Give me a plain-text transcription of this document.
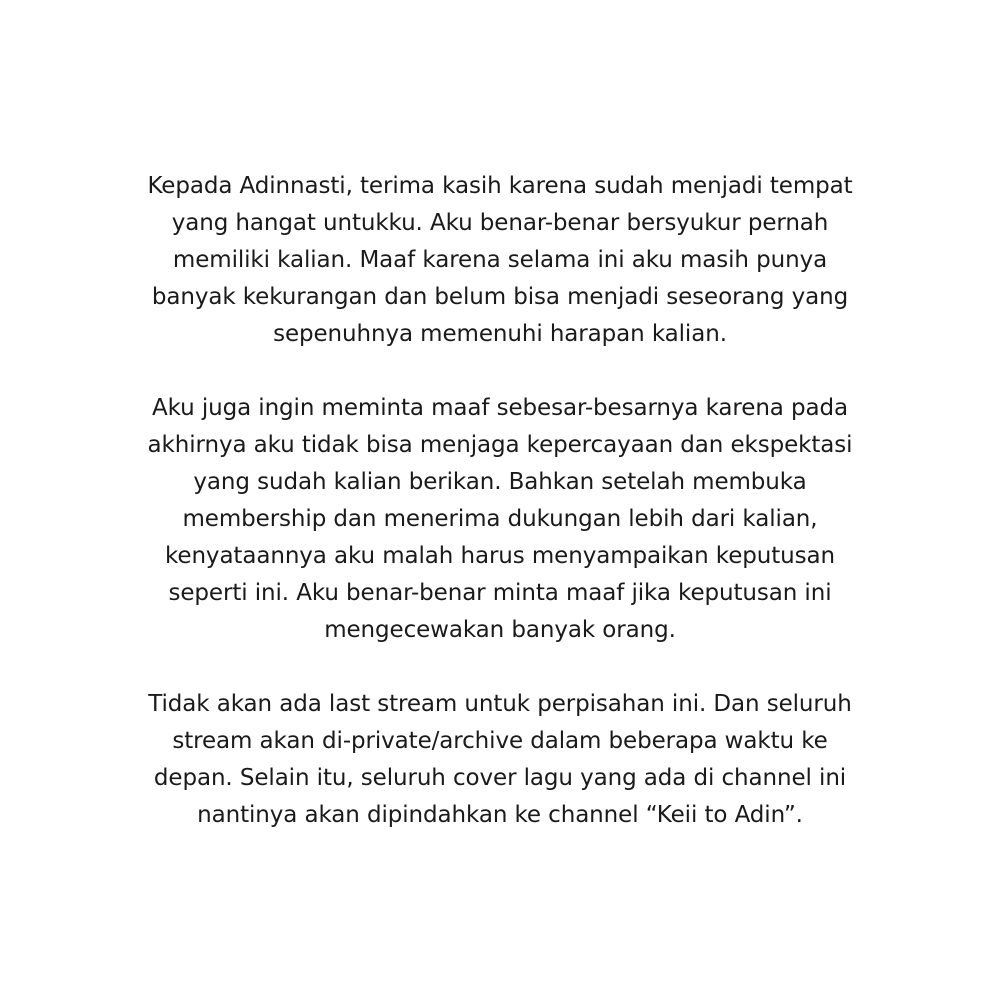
Kepada Adinnasti, terima kasih karena sudah menjadi tempat
yang hangat untukku. Aku benar-benar bersyukur pernah
memiliki kalian. Maaf karena selama ini aku masih punya
banyak kekurangan dan belum bisa menjadi seseorang yang
sepenuhnya memenuhi harapan kalian.

Aku juga ingin meminta maaf sebesar-besarnya karena pada
akhirnya aku tidak bisa menjaga kepercayaan dan ekspektasi
yang sudah kalian berikan. Bahkan setelah membuka
membership dan menerima dukungan lebih dari kalian,
kenyataannya aku malah harus menyampaikan keputusan
seperti ini. Aku benar-benar minta maaf jika keputusan ini
mengecewakan banyak orang.

Tidak akan ada last stream untuk perpisahan ini. Dan seluruh
stream akan di-private/archive dalam beberapa waktu ke
depan. Selain itu, seluruh cover lagu yang ada di channel ini
nantinya akan dipindahkan ke channel “Keii to Adin”.
